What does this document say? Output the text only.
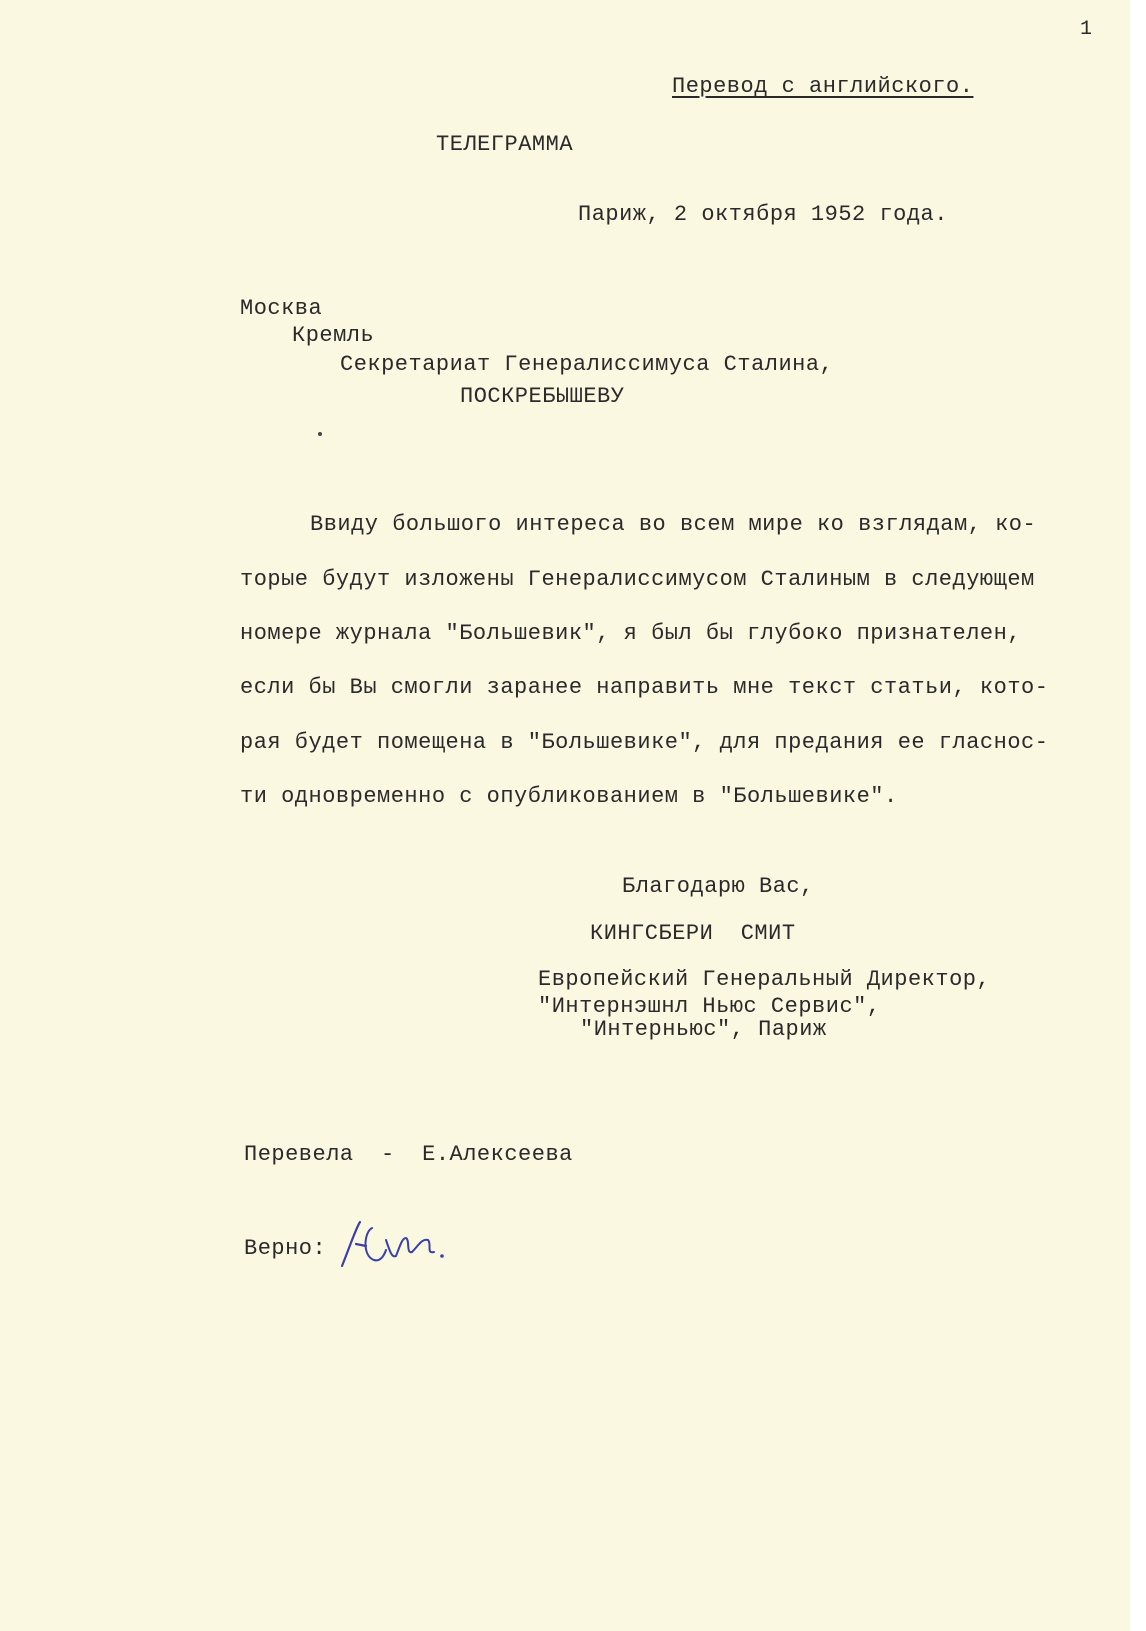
1
Перевод с английского.
ТЕЛЕГРАММА
Париж, 2 октября 1952 года.
Москва
Кремль
Секретариат Генералиссимуса Сталина,
ПОСКРЕБЫШЕВУ
Ввиду большого интереса во всем мире ко взглядам, ко-
торые будут изложены Генералиссимусом Сталиным в следующем
номере журнала "Большевик", я был бы глубоко признателен,
если бы Вы смогли заранее направить мне текст статьи, кото-
рая будет помещена в "Большевике", для предания ее гласнос-
ти одновременно с опубликованием в "Большевике".
Благодарю Вас,
КИНГСБЕРИ  СМИТ
Европейский Генеральный Директор,
"Интернэшнл Ньюс Сервис",
"Интерньюс", Париж
Перевела  -  Е.Алексеева
Верно:
